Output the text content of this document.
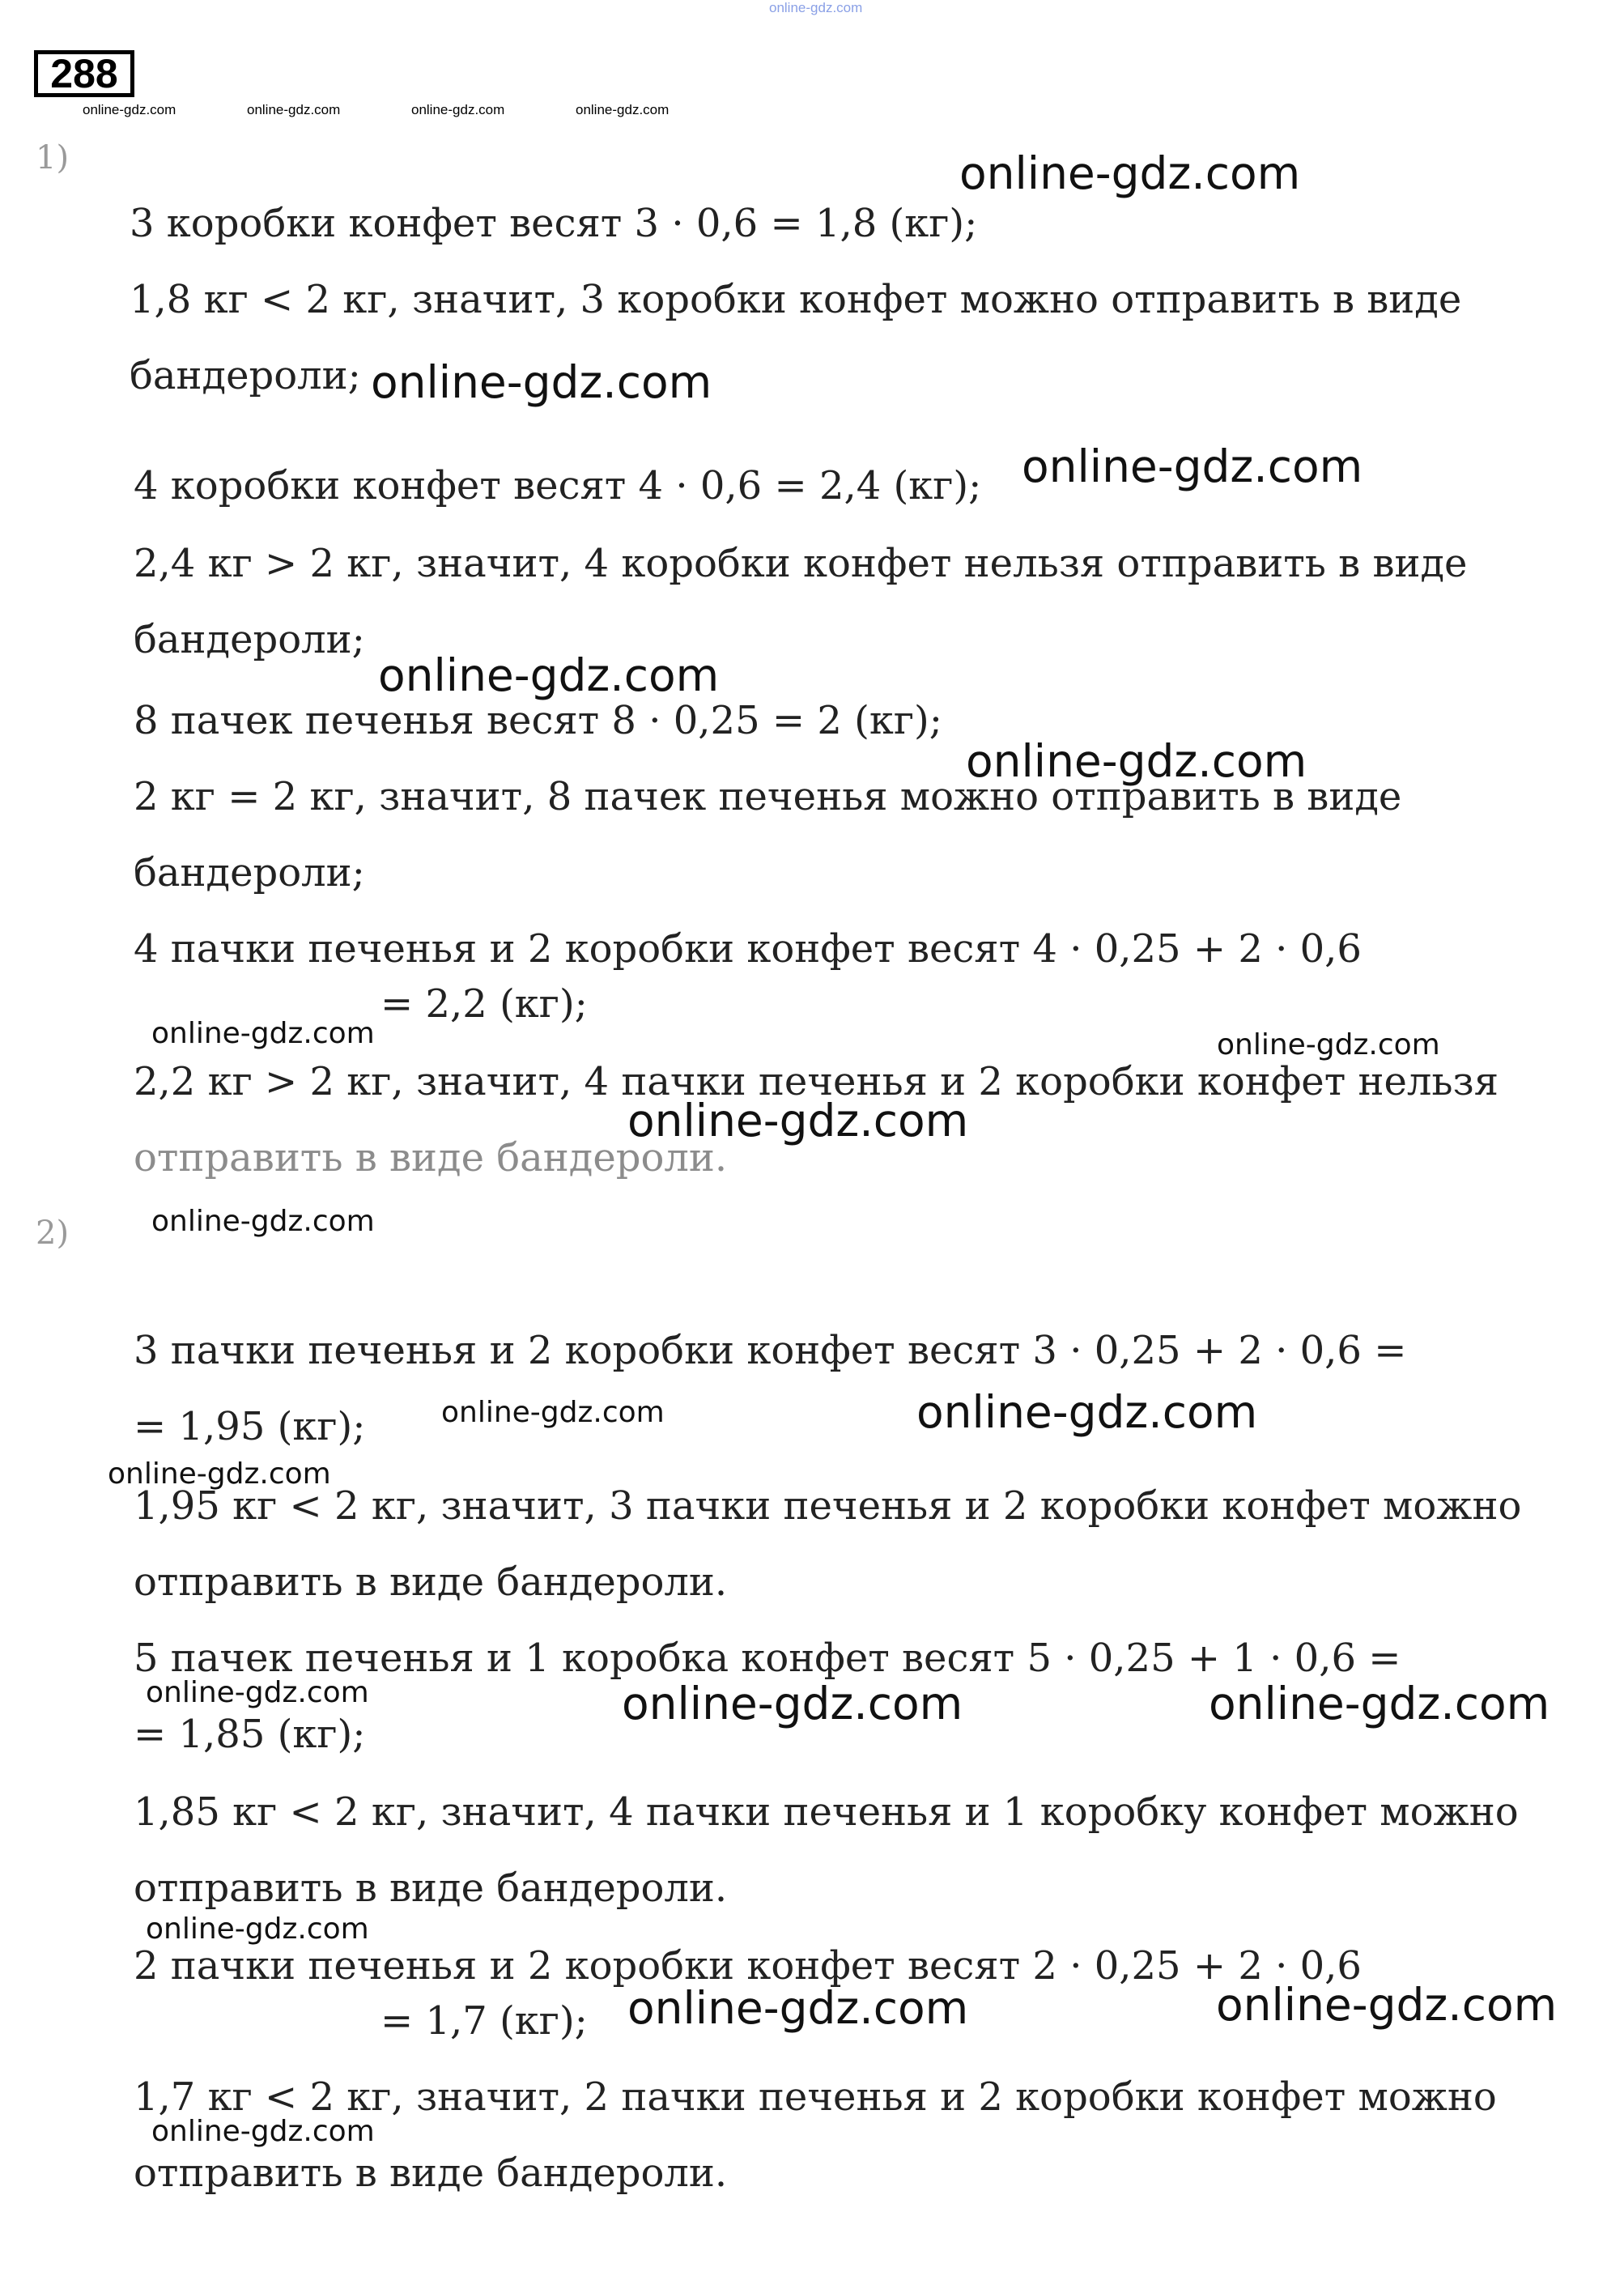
online-gdz.com
288
online-gdz.com	online-gdz.com	online-gdz.com	online-gdz.com
1)
3 коробки конфет весят 3 · 0,6 = 1,8 (кг);
1,8 кг < 2 кг, значит, 3 коробки конфет можно отправить в виде
бандероли;
4 коробки конфет весят 4 · 0,6 = 2,4 (кг);
2,4 кг > 2 кг, значит, 4 коробки конфет нельзя отправить в виде
бандероли;
8 пачек печенья весят 8 · 0,25 = 2 (кг);
2 кг = 2 кг, значит, 8 пачек печенья можно отправить в виде
бандероли;
4 пачки печенья и 2 коробки конфет весят 4 · 0,25 + 2 · 0,6
= 2,2 (кг);
2,2 кг > 2 кг, значит, 4 пачки печенья и 2 коробки конфет нельзя
отправить в виде бандероли.
2)
3 пачки печенья и 2 коробки конфет весят 3 · 0,25 + 2 · 0,6 =
= 1,95 (кг);
1,95 кг < 2 кг, значит, 3 пачки печенья и 2 коробки конфет можно
отправить в виде бандероли.
5 пачек печенья и 1 коробка конфет весят 5 · 0,25 + 1 · 0,6 =
= 1,85 (кг);
1,85 кг < 2 кг, значит, 4 пачки печенья и 1 коробку конфет можно
отправить в виде бандероли.
2 пачки печенья и 2 коробки конфет весят 2 · 0,25 + 2 · 0,6
= 1,7 (кг);
1,7 кг < 2 кг, значит, 2 пачки печенья и 2 коробки конфет можно
отправить в виде бандероли.
online-gdz.com
online-gdz.com
online-gdz.com
online-gdz.com
online-gdz.com
online-gdz.com
online-gdz.com
online-gdz.com	online-gdz.com
online-gdz.com	online-gdz.com
online-gdz.com	online-gdz.com
online-gdz.com
online-gdz.com
online-gdz.com
online-gdz.com
online-gdz.com
online-gdz.com
